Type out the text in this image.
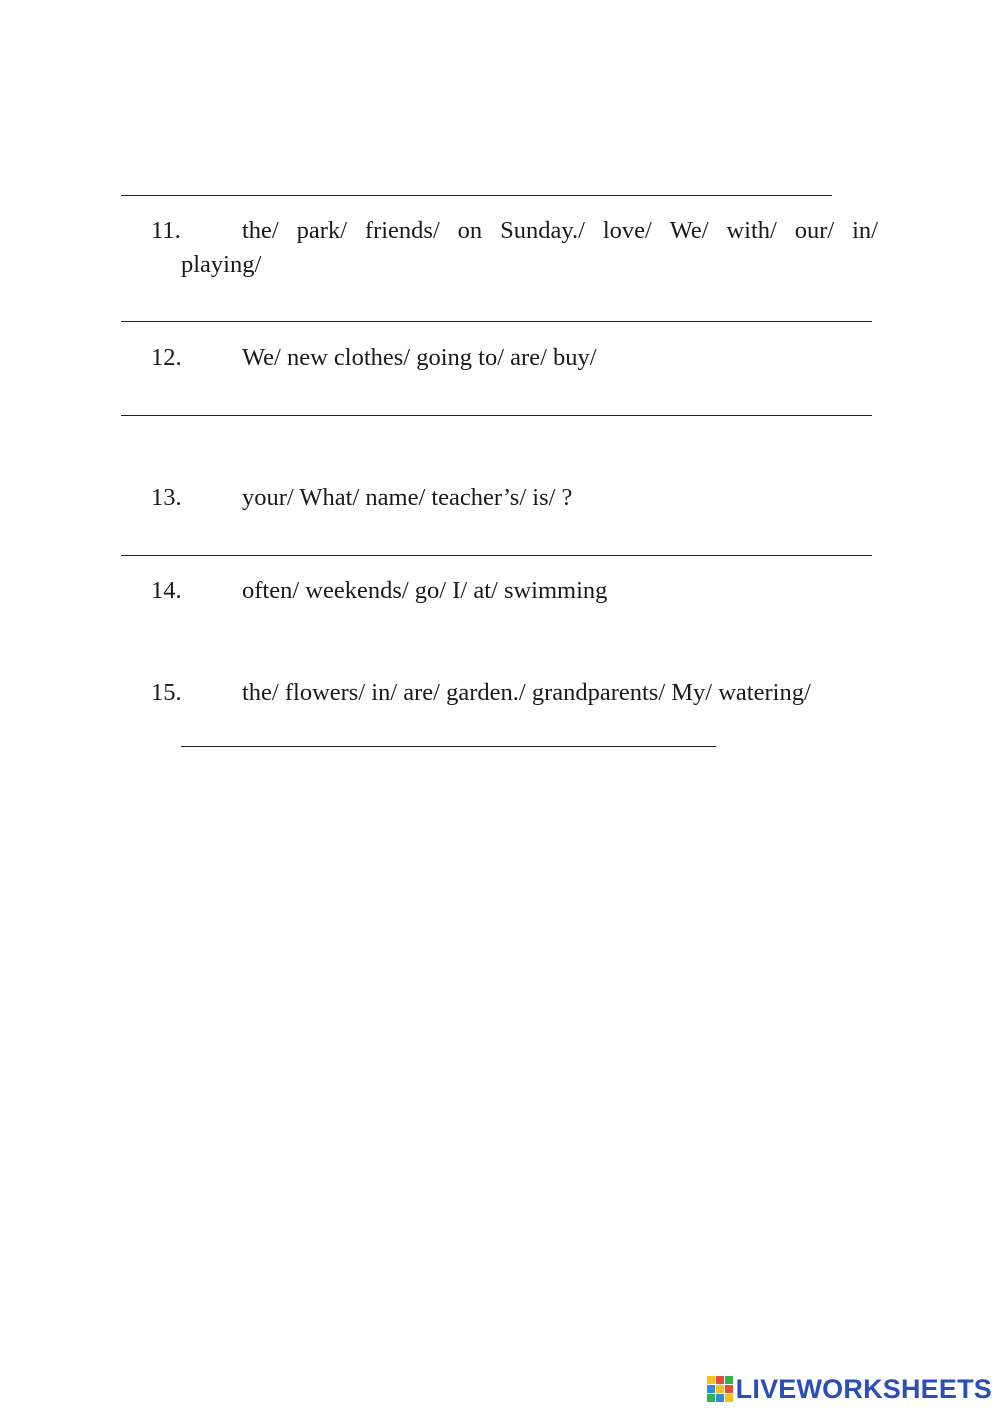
11.	the/ park/ friends/ on Sunday./ love/ We/ with/ our/ in/
playing/
12. We/ new clothes/ going to/ are/ buy/
13. your/ What/ name/ teacher’s/ is/ ?
14. often/ weekends/ go/ I/ at/ swimming
15. the/ flowers/ in/ are/ garden./ grandparents/ My/ watering/
LIVEWORKSHEETS
